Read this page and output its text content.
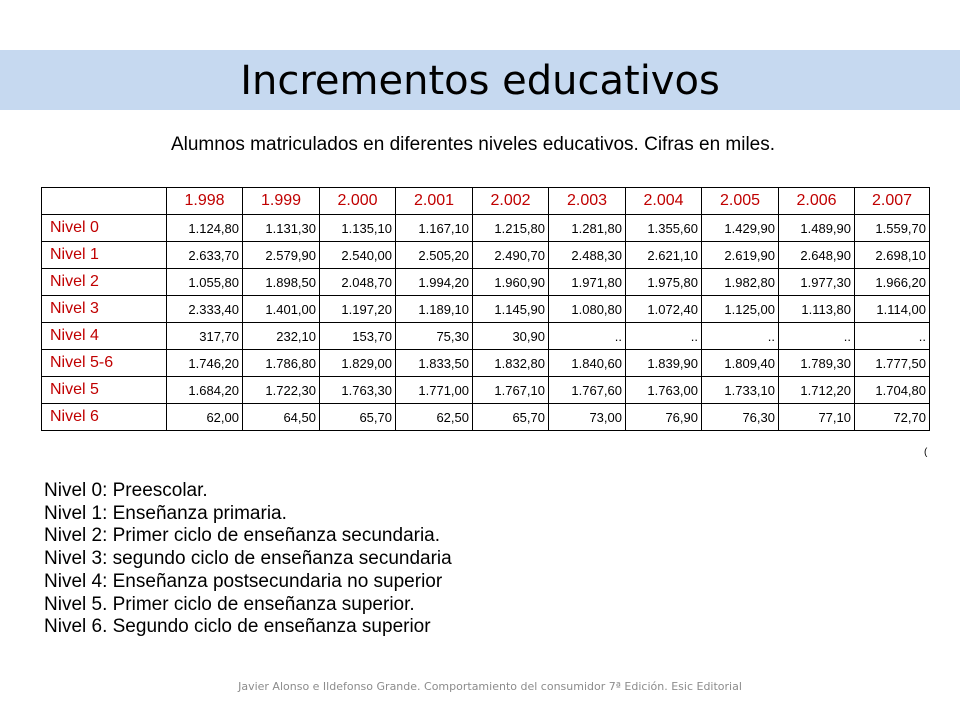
Incrementos educativos
Alumnos matriculados en diferentes niveles educativos. Cifras en miles.
	1.998	1.999	2.000	2.001	2.002	2.003	2.004	2.005	2.006	2.007
Nivel 0	1.124,80	1.131,30	1.135,10	1.167,10	1.215,80	1.281,80	1.355,60	1.429,90	1.489,90	1.559,70
Nivel 1	2.633,70	2.579,90	2.540,00	2.505,20	2.490,70	2.488,30	2.621,10	2.619,90	2.648,90	2.698,10
Nivel 2	1.055,80	1.898,50	2.048,70	1.994,20	1.960,90	1.971,80	1.975,80	1.982,80	1.977,30	1.966,20
Nivel 3	2.333,40	1.401,00	1.197,20	1.189,10	1.145,90	1.080,80	1.072,40	1.125,00	1.113,80	1.114,00
Nivel 4	317,70	232,10	153,70	75,30	30,90	..	..	..	..	..
Nivel 5-6	1.746,20	1.786,80	1.829,00	1.833,50	1.832,80	1.840,60	1.839,90	1.809,40	1.789,30	1.777,50
Nivel 5	1.684,20	1.722,30	1.763,30	1.771,00	1.767,10	1.767,60	1.763,00	1.733,10	1.712,20	1.704,80
Nivel 6	62,00	64,50	65,70	62,50	65,70	73,00	76,90	76,30	77,10	72,70
(
Nivel 0: Preescolar.
Nivel 1: Enseñanza primaria.
Nivel 2: Primer ciclo de enseñanza secundaria.
Nivel 3: segundo ciclo de enseñanza secundaria
Nivel 4: Enseñanza postsecundaria no superior
Nivel 5. Primer ciclo de enseñanza superior.
Nivel 6. Segundo ciclo de enseñanza superior
Javier Alonso e Ildefonso Grande. Comportamiento del consumidor 7ª Edición. Esic Editorial
